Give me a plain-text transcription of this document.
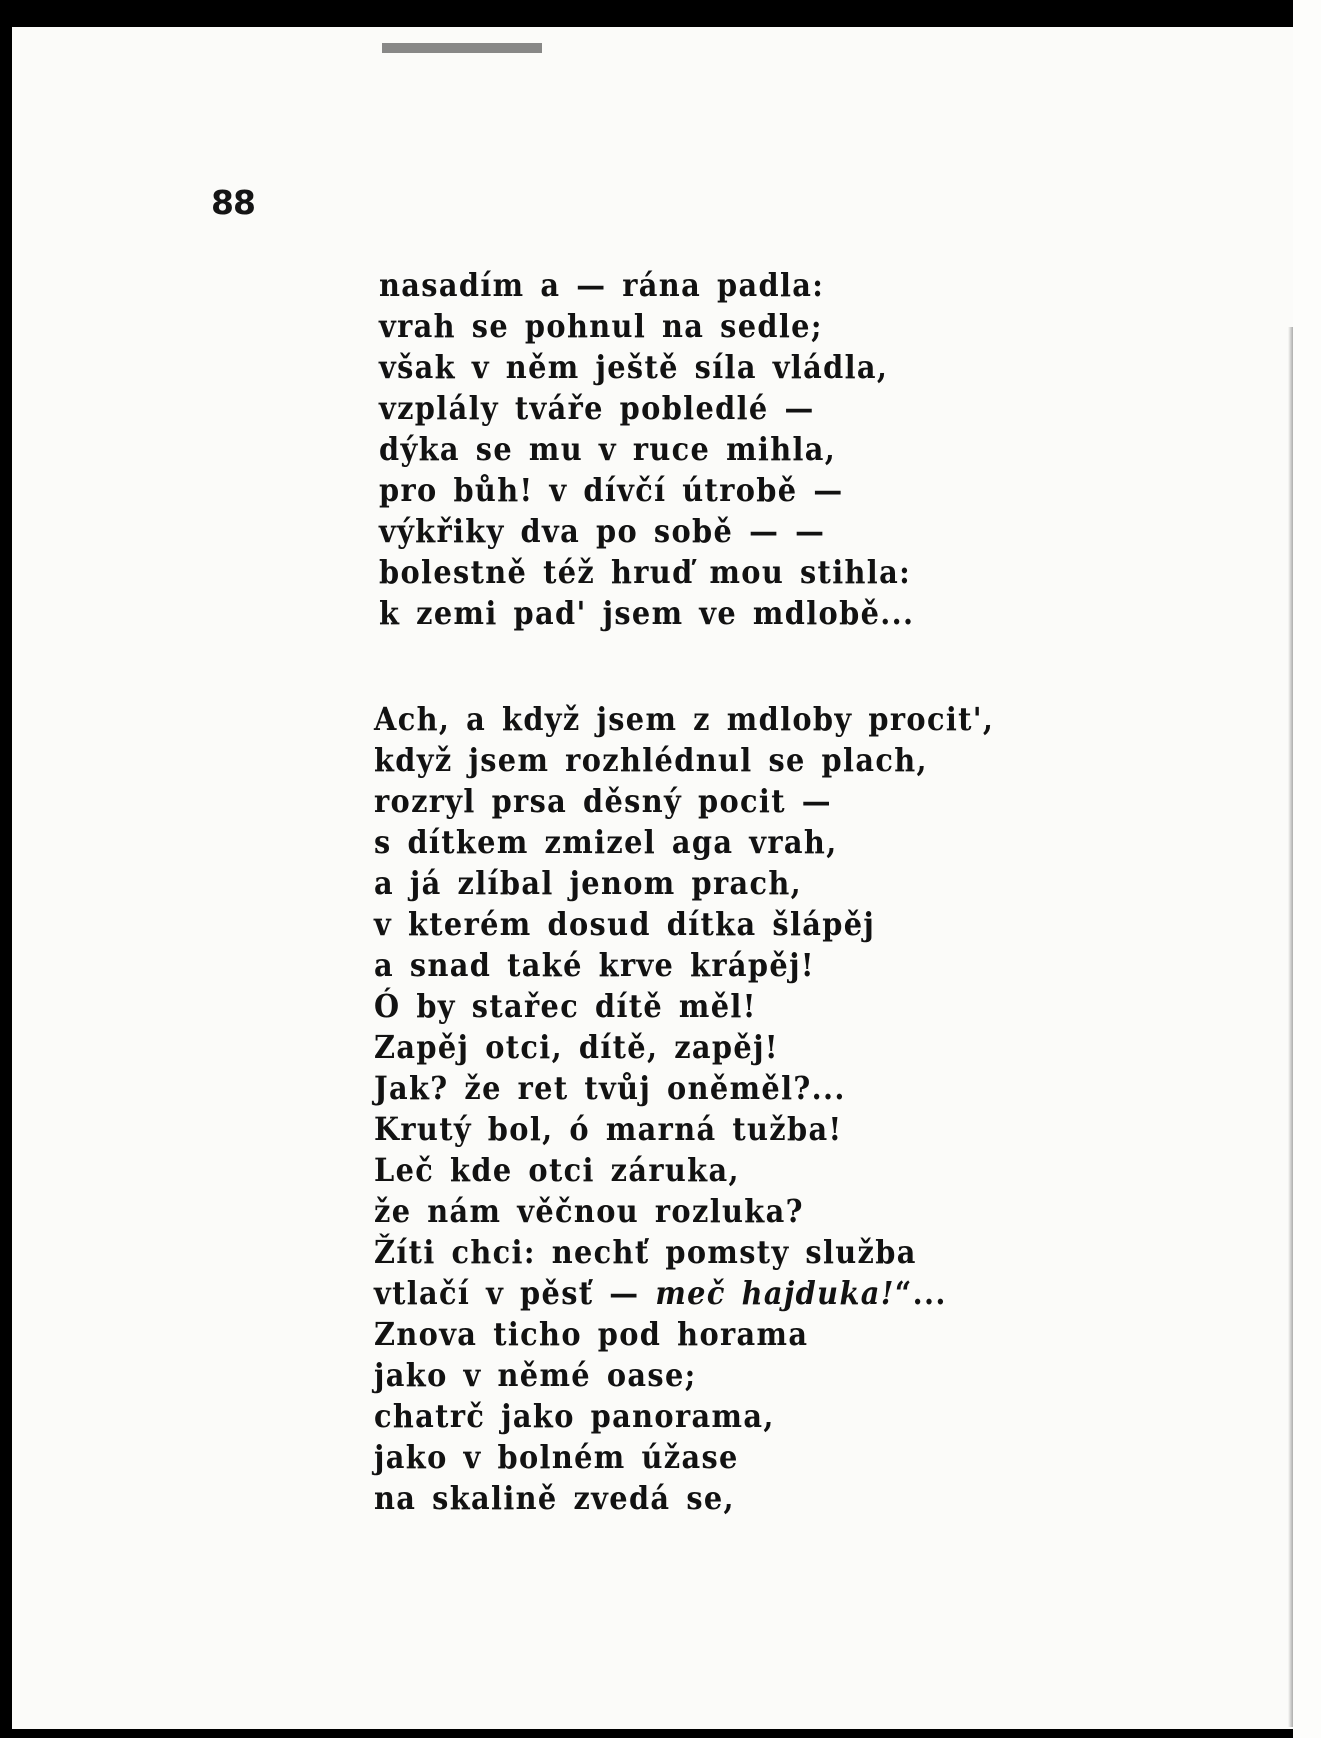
88
nasadím a — rána padla:
vrah se pohnul na sedle;
však v něm ještě síla vládla,
vzplály tváře pobledlé —
dýka se mu v ruce mihla,
pro bůh! v dívčí útrobě —
výkřiky dva po sobě — —
bolestně též hruď mou stihla:
k zemi pad' jsem ve mdlobě...
Ach, a když jsem z mdloby procit',
když jsem rozhlédnul se plach,
rozryl prsa děsný pocit —
s dítkem zmizel aga vrah,
a já zlíbal jenom prach,
v kterém dosud dítka šlápěj
a snad také krve krápěj!
Ó by stařec dítě měl!
Zapěj otci, dítě, zapěj!
Jak? že ret tvůj oněměl?...
Krutý bol, ó marná tužba!
Leč kde otci záruka,
že nám věčnou rozluka?
Žíti chci: nechť pomsty služba
vtlačí v pěsť — meč hajduka!“...
Znova ticho pod horama
jako v němé oase;
chatrč jako panorama,
jako v bolném úžase
na skalině zvedá se,
